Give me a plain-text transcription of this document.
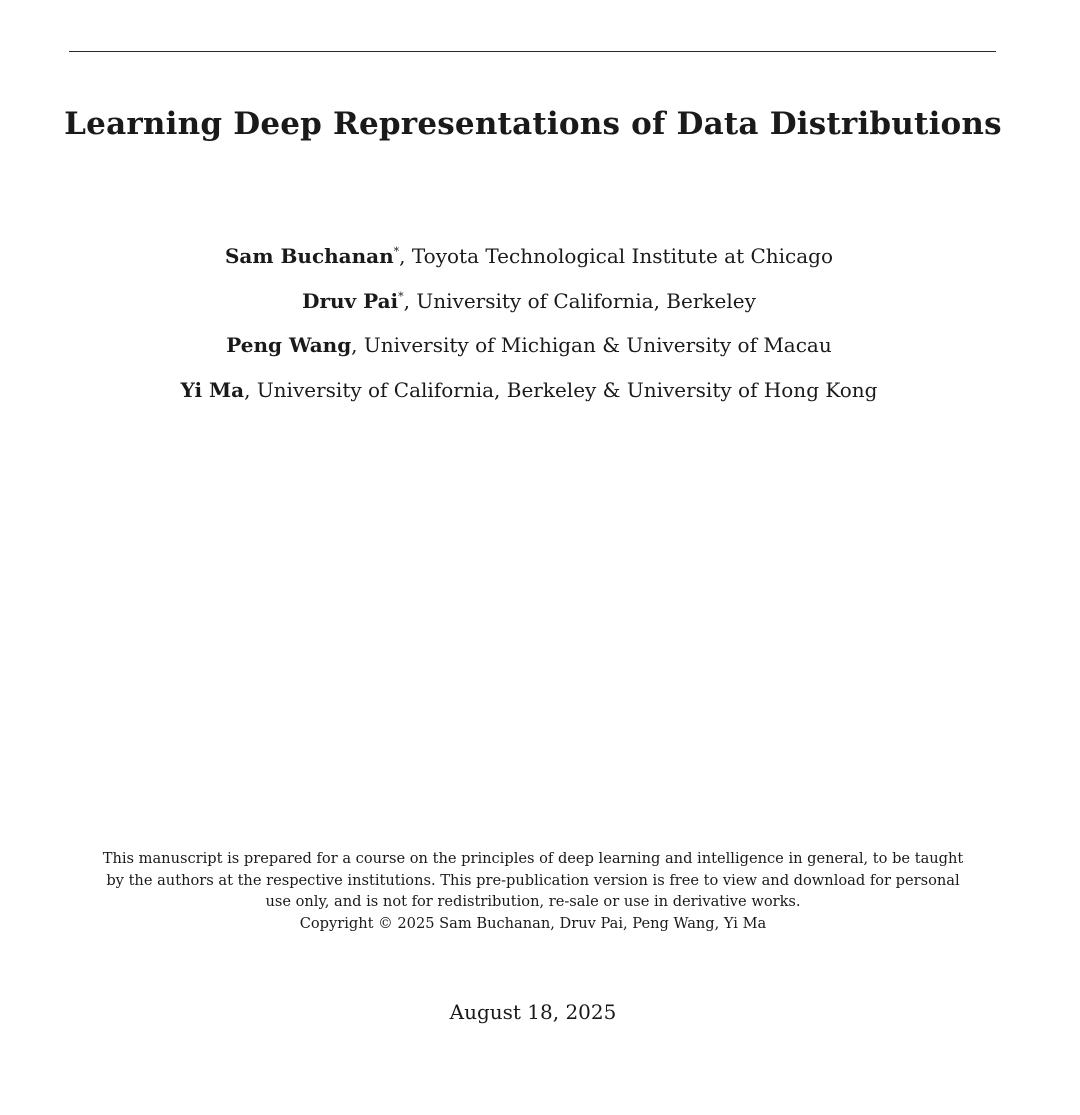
Learning Deep Representations of Data Distributions
Sam Buchanan*, Toyota Technological Institute at Chicago
Druv Pai*, University of California, Berkeley
Peng Wang, University of Michigan & University of Macau
Yi Ma, University of California, Berkeley & University of Hong Kong
This manuscript is prepared for a course on the principles of deep learning and intelligence in general, to be taught
by the authors at the respective institutions. This pre-publication version is free to view and download for personal
use only, and is not for redistribution, re-sale or use in derivative works.
Copyright © 2025 Sam Buchanan, Druv Pai, Peng Wang, Yi Ma
August 18, 2025
